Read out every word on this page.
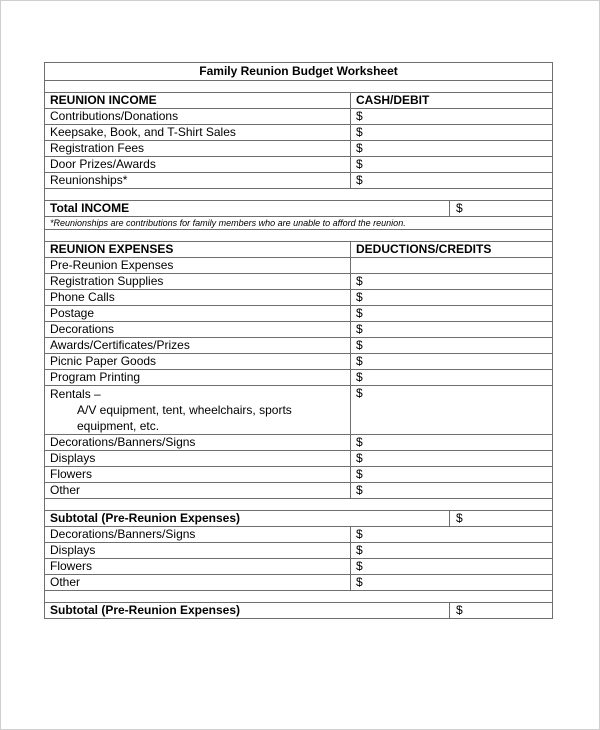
Family Reunion Budget Worksheet		

REUNION INCOME	CASH/DEBIT	
Contributions/Donations	$	
Keepsake, Book, and T-Shirt Sales	$	
Registration Fees	$	
Door Prizes/Awards	$	
Reunionships*	$	

Total INCOME		$
*Reunionships are contributions for family members who are unable to afford the reunion.		

REUNION EXPENSES	DEDUCTIONS/CREDITS	
Pre-Reunion Expenses		
Registration Supplies	$	
Phone Calls	$	
Postage	$	
Decorations	$	
Awards/Certificates/Prizes	$	
Picnic Paper Goods	$	
Program Printing	$	
Rentals –
A/V equipment, tent, wheelchairs, sports equipment, etc.	$	
Decorations/Banners/Signs	$	
Displays	$	
Flowers	$	
Other	$	

Subtotal (Pre-Reunion Expenses)		$
Decorations/Banners/Signs	$	
Displays	$	
Flowers	$	
Other	$	

Subtotal (Pre-Reunion Expenses)		$
